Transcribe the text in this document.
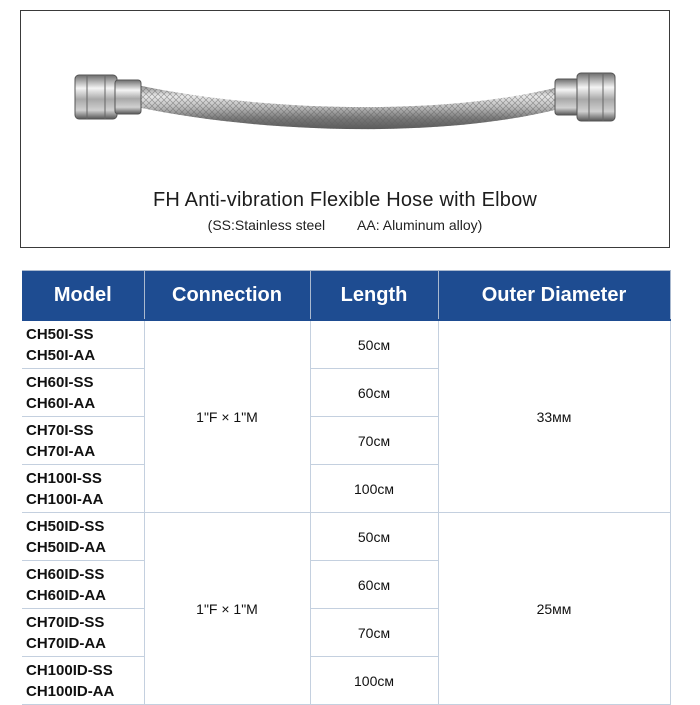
FH Anti-vibration Flexible Hose with Elbow
(SS:Stainless steel AA: Aluminum alloy)
Model	Connection	Length	Outer Diameter

CH50I-SS
CH50I-AA	1"F × 1"M	50см	33мм

CH60I-SS
CH60I-AA		60см	

CH70I-SS
CH70I-AA		70см	

CH100I-SS
CH100I-AA		100см	

CH50ID-SS
CH50ID-AA	1"F × 1"M	50см	25мм

CH60ID-SS
CH60ID-AA		60см	

CH70ID-SS
CH70ID-AA		70см	

CH100ID-SS
CH100ID-AA		100см	
